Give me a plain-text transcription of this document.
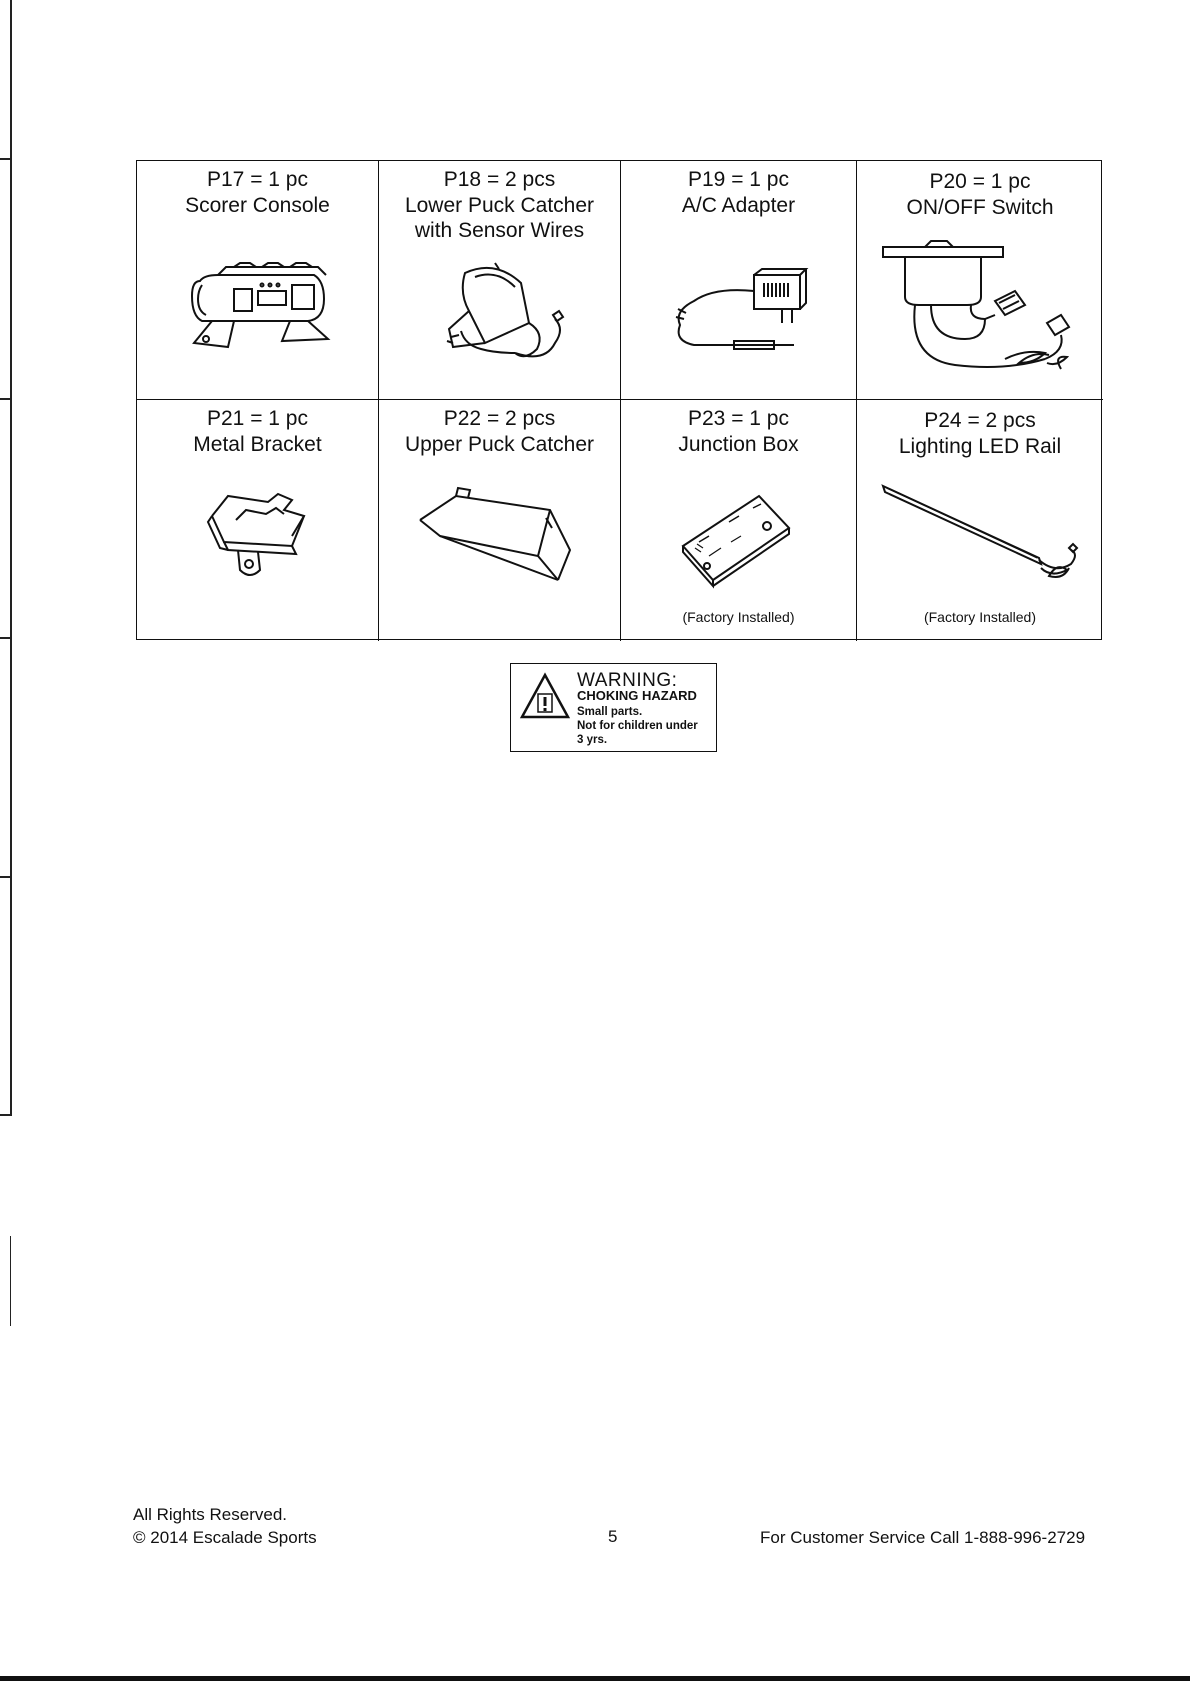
P17 = 1 pc
Scorer Console
P18 = 2 pcs
Lower Puck Catcher
with Sensor Wires
P19 = 1 pc
A/C Adapter
P20 = 1 pc
ON/OFF Switch
P21 = 1 pc
Metal Bracket
P22 = 2 pcs
Upper Puck Catcher
P23 = 1 pc
Junction Box
(Factory Installed)
P24 = 2 pcs
Lighting LED Rail
(Factory Installed)
WARNING:
CHOKING HAZARD
Small parts.
Not for children under
3 yrs.
All Rights Reserved.
© 2014 Escalade Sports	5	For Customer Service Call 1-888-996-2729
